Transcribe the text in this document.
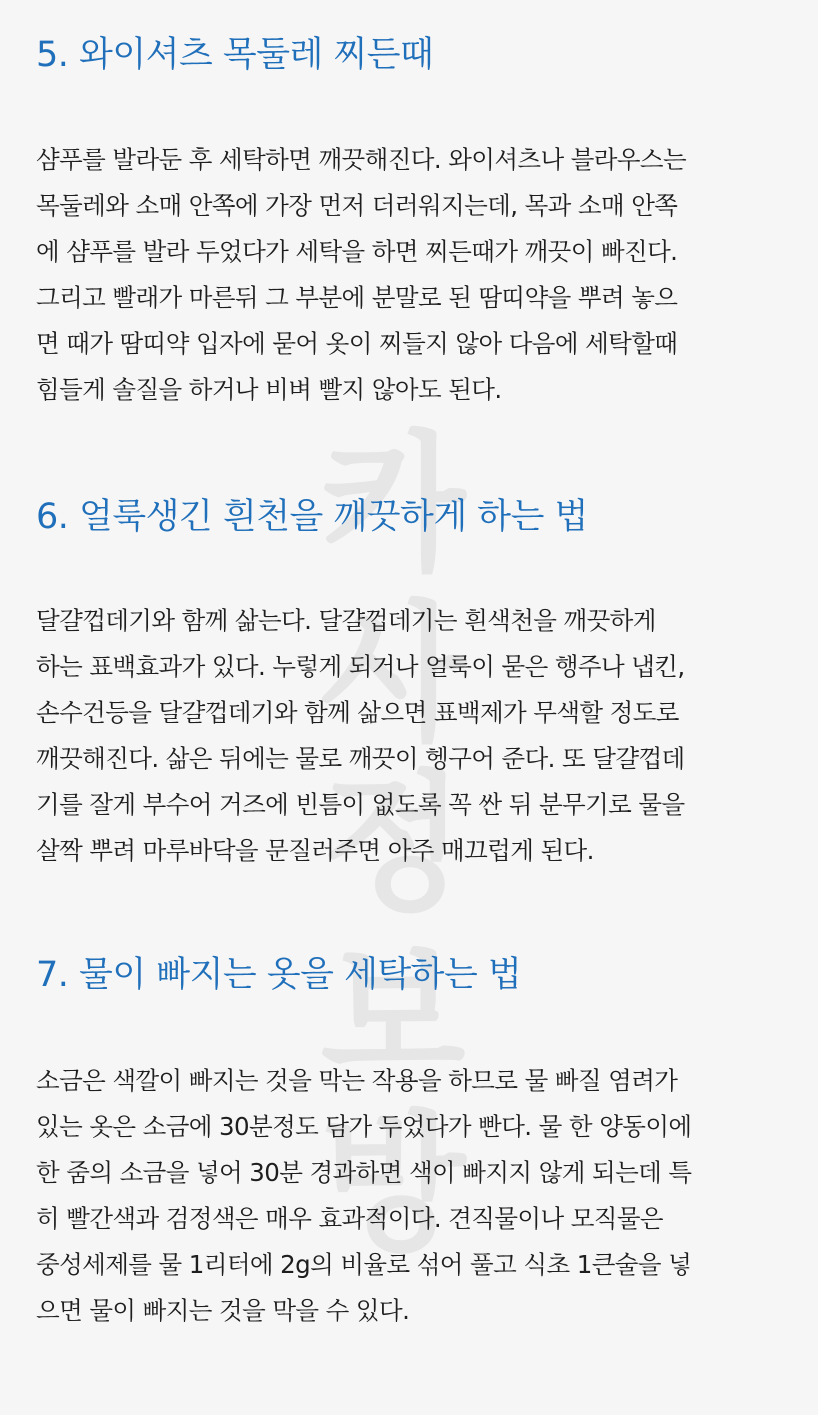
카
사
정
보
방
5. 와이셔츠 목둘레 찌든때
샴푸를 발라둔 후 세탁하면 깨끗해진다. 와이셔츠나 블라우스는
목둘레와 소매 안쪽에 가장 먼저 더러워지는데, 목과 소매 안쪽
에 샴푸를 발라 두었다가 세탁을 하면 찌든때가 깨끗이 빠진다.
그리고 빨래가 마른뒤 그 부분에 분말로 된 땀띠약을 뿌려 놓으
면 때가 땀띠약 입자에 묻어 옷이 찌들지 않아 다음에 세탁할때
힘들게 솔질을 하거나 비벼 빨지 않아도 된다.
6. 얼룩생긴 흰천을 깨끗하게 하는 법
달걀껍데기와 함께 삶는다. 달걀껍데기는 흰색천을 깨끗하게
하는 표백효과가 있다. 누렇게 되거나 얼룩이 묻은 행주나 냅킨,
손수건등을 달걀껍데기와 함께 삶으면 표백제가 무색할 정도로
깨끗해진다. 삶은 뒤에는 물로 깨끗이 헹구어 준다. 또 달걀껍데
기를 잘게 부수어 거즈에 빈틈이 없도록 꼭 싼 뒤 분무기로 물을
살짝 뿌려 마루바닥을 문질러주면 아주 매끄럽게 된다.
7. 물이 빠지는 옷을 세탁하는 법
소금은 색깔이 빠지는 것을 막는 작용을 하므로 물 빠질 염려가
있는 옷은 소금에 30분정도 담가 두었다가 빤다. 물 한 양동이에
한 줌의 소금을 넣어 30분 경과하면 색이 빠지지 않게 되는데 특
히 빨간색과 검정색은 매우 효과적이다. 견직물이나 모직물은
중성세제를 물 1리터에 2g의 비율로 섞어 풀고 식초 1큰술을 넣
으면 물이 빠지는 것을 막을 수 있다.
